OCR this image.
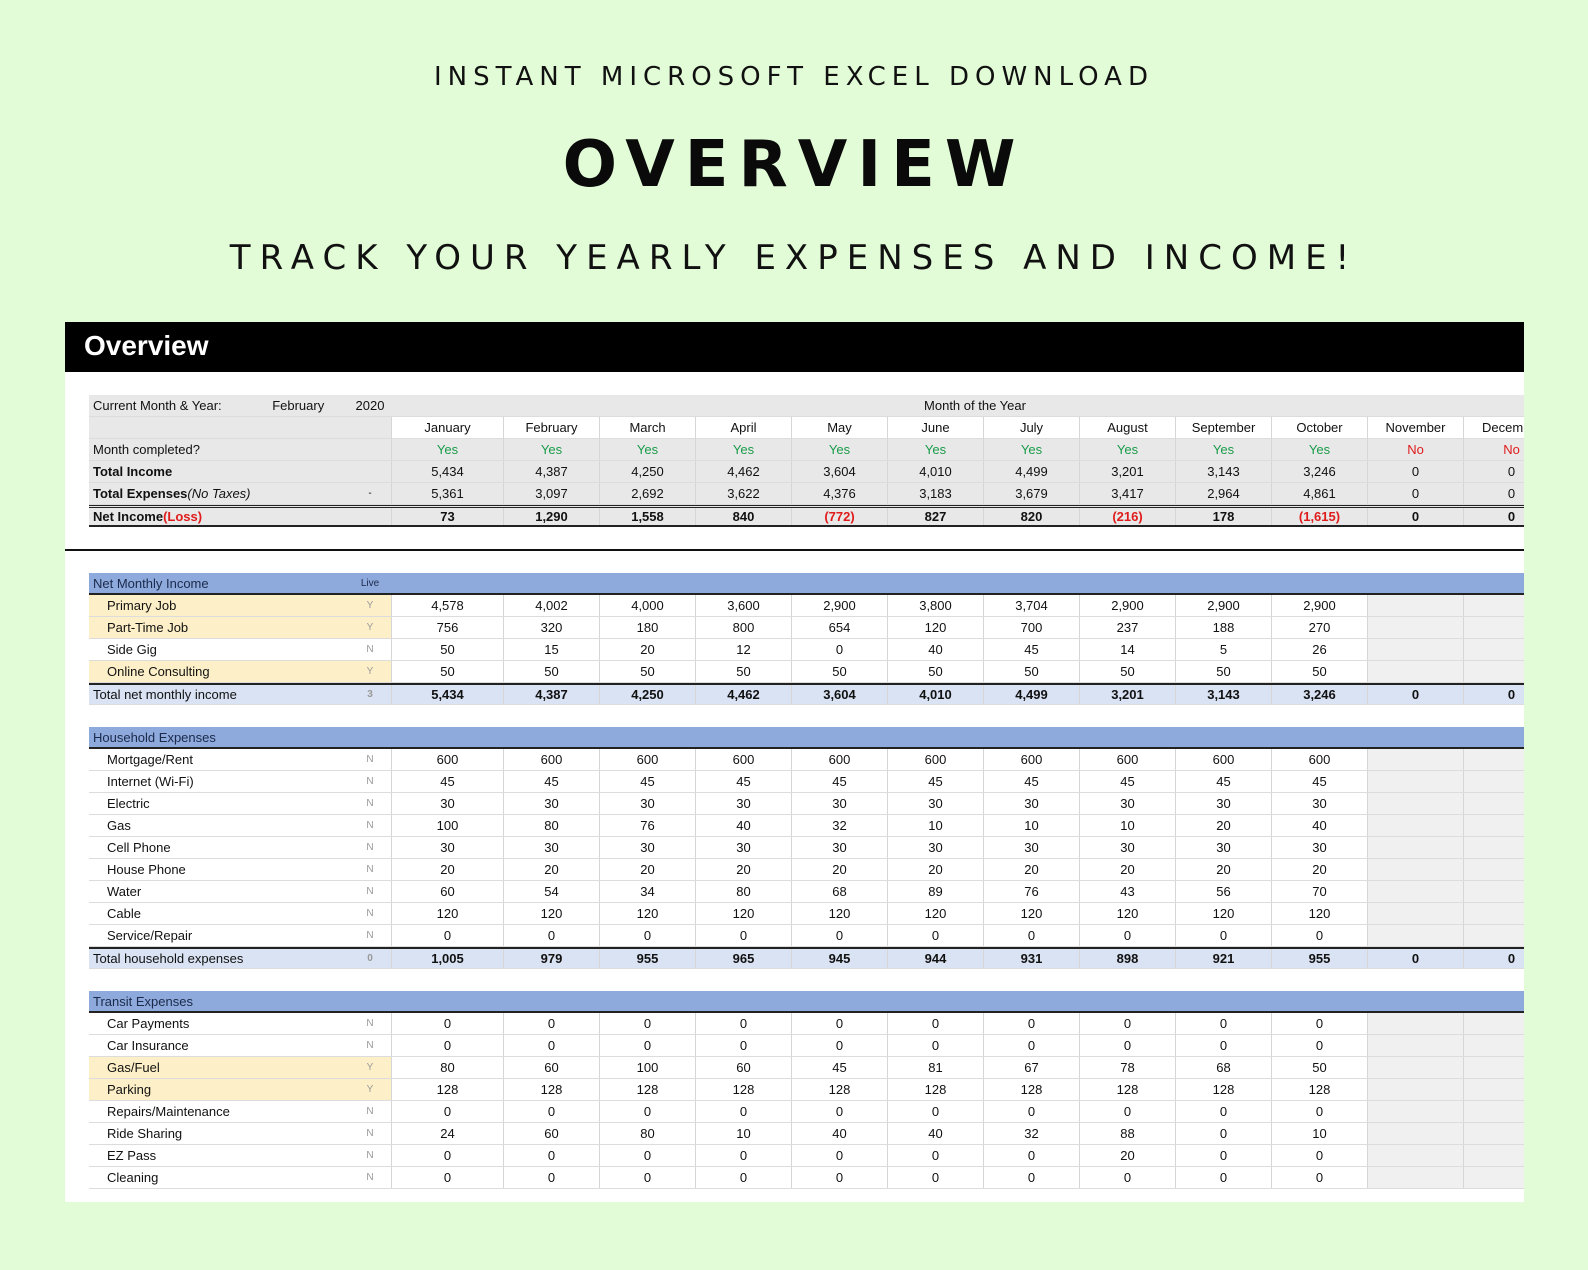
INSTANT MICROSOFT EXCEL DOWNLOAD
OVERVIEW
TRACK YOUR YEARLY EXPENSES AND INCOME!
Overview
Current Month & Year:	February	2020	Month of the Year
January	February	March	April	May	June	July	August	September	October	November	Decem
Month completed?	Yes	Yes	Yes	Yes	Yes	Yes	Yes	Yes	Yes	Yes	No	No
Total Income	5,434	4,387	4,250	4,462	3,604	4,010	4,499	3,201	3,143	3,246	0	0
Total Expenses (No Taxes)	-	5,361	3,097	2,692	3,622	4,376	3,183	3,679	3,417	2,964	4,861	0	0
Net Income (Loss)	73	1,290	1,558	840	(772)	827	820	(216)	178	(1,615)	0	0
Net Monthly Income	Live
Primary Job	Y	4,578	4,002	4,000	3,600	2,900	3,800	3,704	2,900	2,900	2,900
Part-Time Job	Y	756	320	180	800	654	120	700	237	188	270
Side Gig	N	50	15	20	12	0	40	45	14	5	26
Online Consulting	Y	50	50	50	50	50	50	50	50	50	50
Total net monthly income	3	5,434	4,387	4,250	4,462	3,604	4,010	4,499	3,201	3,143	3,246	0	0
Household Expenses
Mortgage/Rent	N	600	600	600	600	600	600	600	600	600	600
Internet (Wi-Fi)	N	45	45	45	45	45	45	45	45	45	45
Electric	N	30	30	30	30	30	30	30	30	30	30
Gas	N	100	80	76	40	32	10	10	10	20	40
Cell Phone	N	30	30	30	30	30	30	30	30	30	30
House Phone	N	20	20	20	20	20	20	20	20	20	20
Water	N	60	54	34	80	68	89	76	43	56	70
Cable	N	120	120	120	120	120	120	120	120	120	120
Service/Repair	N	0	0	0	0	0	0	0	0	0	0
Total household expenses	0	1,005	979	955	965	945	944	931	898	921	955	0	0
Transit Expenses
Car Payments	N	0	0	0	0	0	0	0	0	0	0
Car Insurance	N	0	0	0	0	0	0	0	0	0	0
Gas/Fuel	Y	80	60	100	60	45	81	67	78	68	50
Parking	Y	128	128	128	128	128	128	128	128	128	128
Repairs/Maintenance	N	0	0	0	0	0	0	0	0	0	0
Ride Sharing	N	24	60	80	10	40	40	32	88	0	10
EZ Pass	N	0	0	0	0	0	0	0	20	0	0
Cleaning	N	0	0	0	0	0	0	0	0	0	0
